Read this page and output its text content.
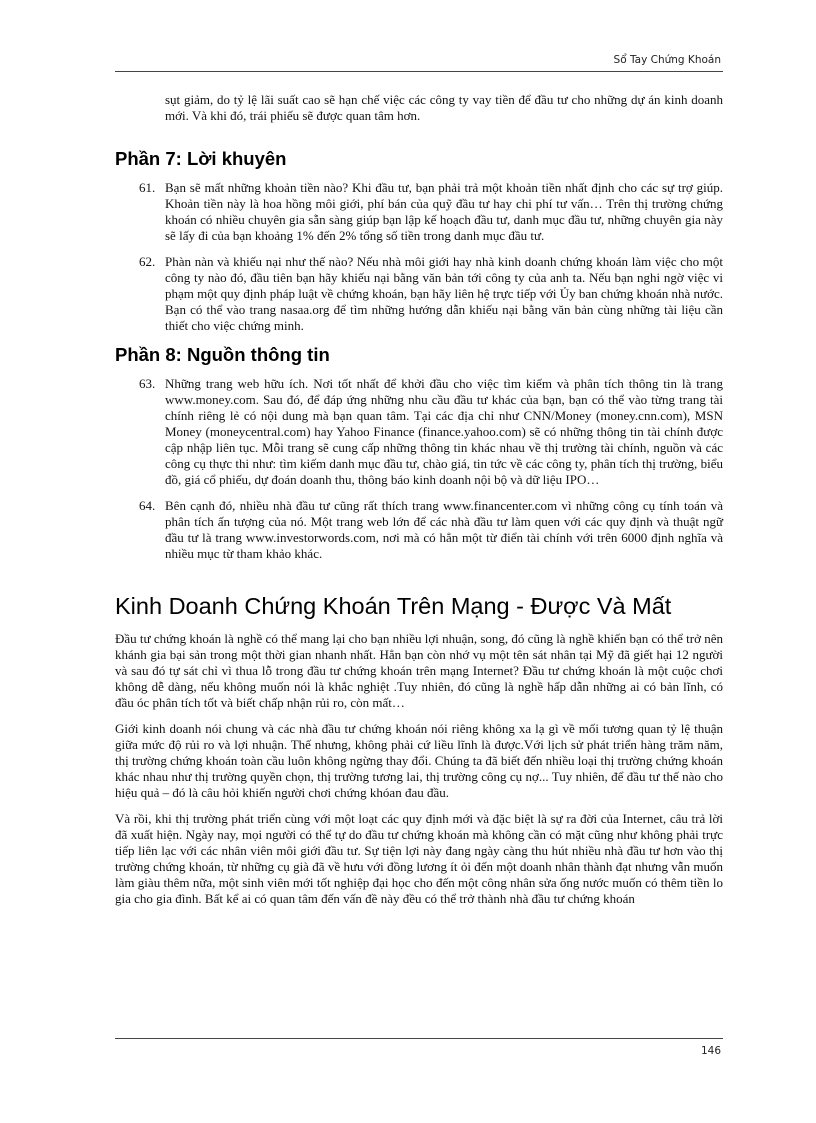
Sổ Tay Chứng Khoán

sụt giảm, do tỷ lệ lãi suất cao sẽ hạn chế việc các công ty vay tiền để đầu tư cho những dự án kinh doanh mới. Và khi đó, trái phiếu sẽ được quan tâm hơn.

Phần 7: Lời khuyên
61. Bạn sẽ mất những khoản tiền nào? Khi đầu tư, bạn phải trả một khoản tiền nhất định cho các sự trợ giúp. Khoản tiền này là hoa hồng môi giới, phí bán của quỹ đầu tư hay chi phí tư vấn… Trên thị trường chứng khoán có nhiều chuyên gia sẵn sàng giúp bạn lập kế hoạch đầu tư, danh mục đầu tư, những chuyên gia này sẽ lấy đi của bạn khoảng 1% đến 2% tổng số tiền trong danh mục đầu tư.

62. Phàn nàn và khiếu nại như thế nào? Nếu nhà môi giới hay nhà kinh doanh chứng khoán làm việc cho một công ty nào đó, đầu tiên bạn hãy khiếu nại bằng văn bản tới công ty của anh ta. Nếu bạn nghi ngờ việc vi phạm một quy định pháp luật về chứng khoán, bạn hãy liên hệ trực tiếp với Ủy ban chứng khoán nhà nước. Bạn có thể vào trang nasaa.org để tìm những hướng dẫn khiếu nại bằng văn bản cùng những tài liệu cần thiết cho việc chứng minh.

Phần 8: Nguồn thông tin
63. Những trang web hữu ích. Nơi tốt nhất để khởi đầu cho việc tìm kiếm và phân tích thông tin là trang www.money.com. Sau đó, để đáp ứng những nhu cầu đầu tư khác của bạn, bạn có thể vào từng trang tài chính riêng lẻ có nội dung mà bạn quan tâm. Tại các địa chỉ như CNN/Money (money.cnn.com), MSN Money (moneycentral.com) hay Yahoo Finance (finance.yahoo.com) sẽ có những thông tin tài chính được cập nhập liên tục. Mỗi trang sẽ cung cấp những thông tin khác nhau về thị trường tài chính, nguồn và các công cụ thực thi như: tìm kiếm danh mục đầu tư, chào giá, tin tức về các công ty, phân tích thị trường, biểu đồ, giá cổ phiếu, dự đoán doanh thu, thông báo kinh doanh nội bộ và dữ liệu IPO…

64. Bên cạnh đó, nhiều nhà đầu tư cũng rất thích trang www.financenter.com vì những công cụ tính toán và phân tích ấn tượng của nó. Một trang web lớn để các nhà đầu tư làm quen với các quy định và thuật ngữ đầu tư là trang www.investorwords.com, nơi mà có hẳn một từ điển tài chính với trên 6000 định nghĩa và nhiều mục từ tham khảo khác.

Kinh Doanh Chứng Khoán Trên Mạng - Được Và Mất

Đầu tư chứng khoán là nghề có thể mang lại cho bạn nhiều lợi nhuận, song, đó cũng là nghề khiến bạn có thể trở nên khánh gia bại sản trong một thời gian nhanh nhất. Hẳn bạn còn nhớ vụ một tên sát nhân tại Mỹ đã giết hại 12 người và sau đó tự sát chỉ vì thua lỗ trong đầu tư chứng khoán trên mạng Internet? Đầu tư chứng khoán là một cuộc chơi không dễ dàng, nếu không muốn nói là khắc nghiệt .Tuy nhiên, đó cũng là nghề hấp dẫn những ai có bản lĩnh, có đầu óc phân tích tốt và biết chấp nhận rủi ro, còn mất…

Giới kinh doanh nói chung và các nhà đầu tư chứng khoán nói riêng không xa lạ gì về mối tương quan tỷ lệ thuận giữa mức độ rủi ro và lợi nhuận. Thế nhưng, không phải cứ liều lĩnh là được.Với lịch sử phát triển hàng trăm năm, thị trường chứng khoán toàn cầu luôn không ngừng thay đổi. Chúng ta đã biết đến nhiều loại thị trường chứng khoán khác nhau như thị trường quyền chọn, thị trường tương lai, thị trường công cụ nợ... Tuy nhiên, để đầu tư thế nào cho hiệu quả – đó là câu hỏi khiến người chơi chứng khóan đau đầu.

Và rồi, khi thị trường phát triển cùng với một loạt các quy định mới và đặc biệt là sự ra đời của Internet, câu trả lời đã xuất hiện. Ngày nay, mọi người có thể tự do đầu tư chứng khoán mà không cần có mặt cũng như không phải trực tiếp liên lạc với các nhân viên môi giới đầu tư. Sự tiện lợi này đang ngày càng thu hút nhiều nhà đầu tư hơn vào thị trường chứng khoán, từ những cụ già đã về hưu với đồng lương ít ỏi đến một doanh nhân thành đạt nhưng vẫn muốn làm giàu thêm nữa, một sinh viên mới tốt nghiệp đại học cho đến một công nhân sửa ống nước muốn có thêm tiền lo gia cho gia đình. Bất kể ai có quan tâm đến vấn đề này đều có thể trở thành nhà đầu tư chứng khoán

146
